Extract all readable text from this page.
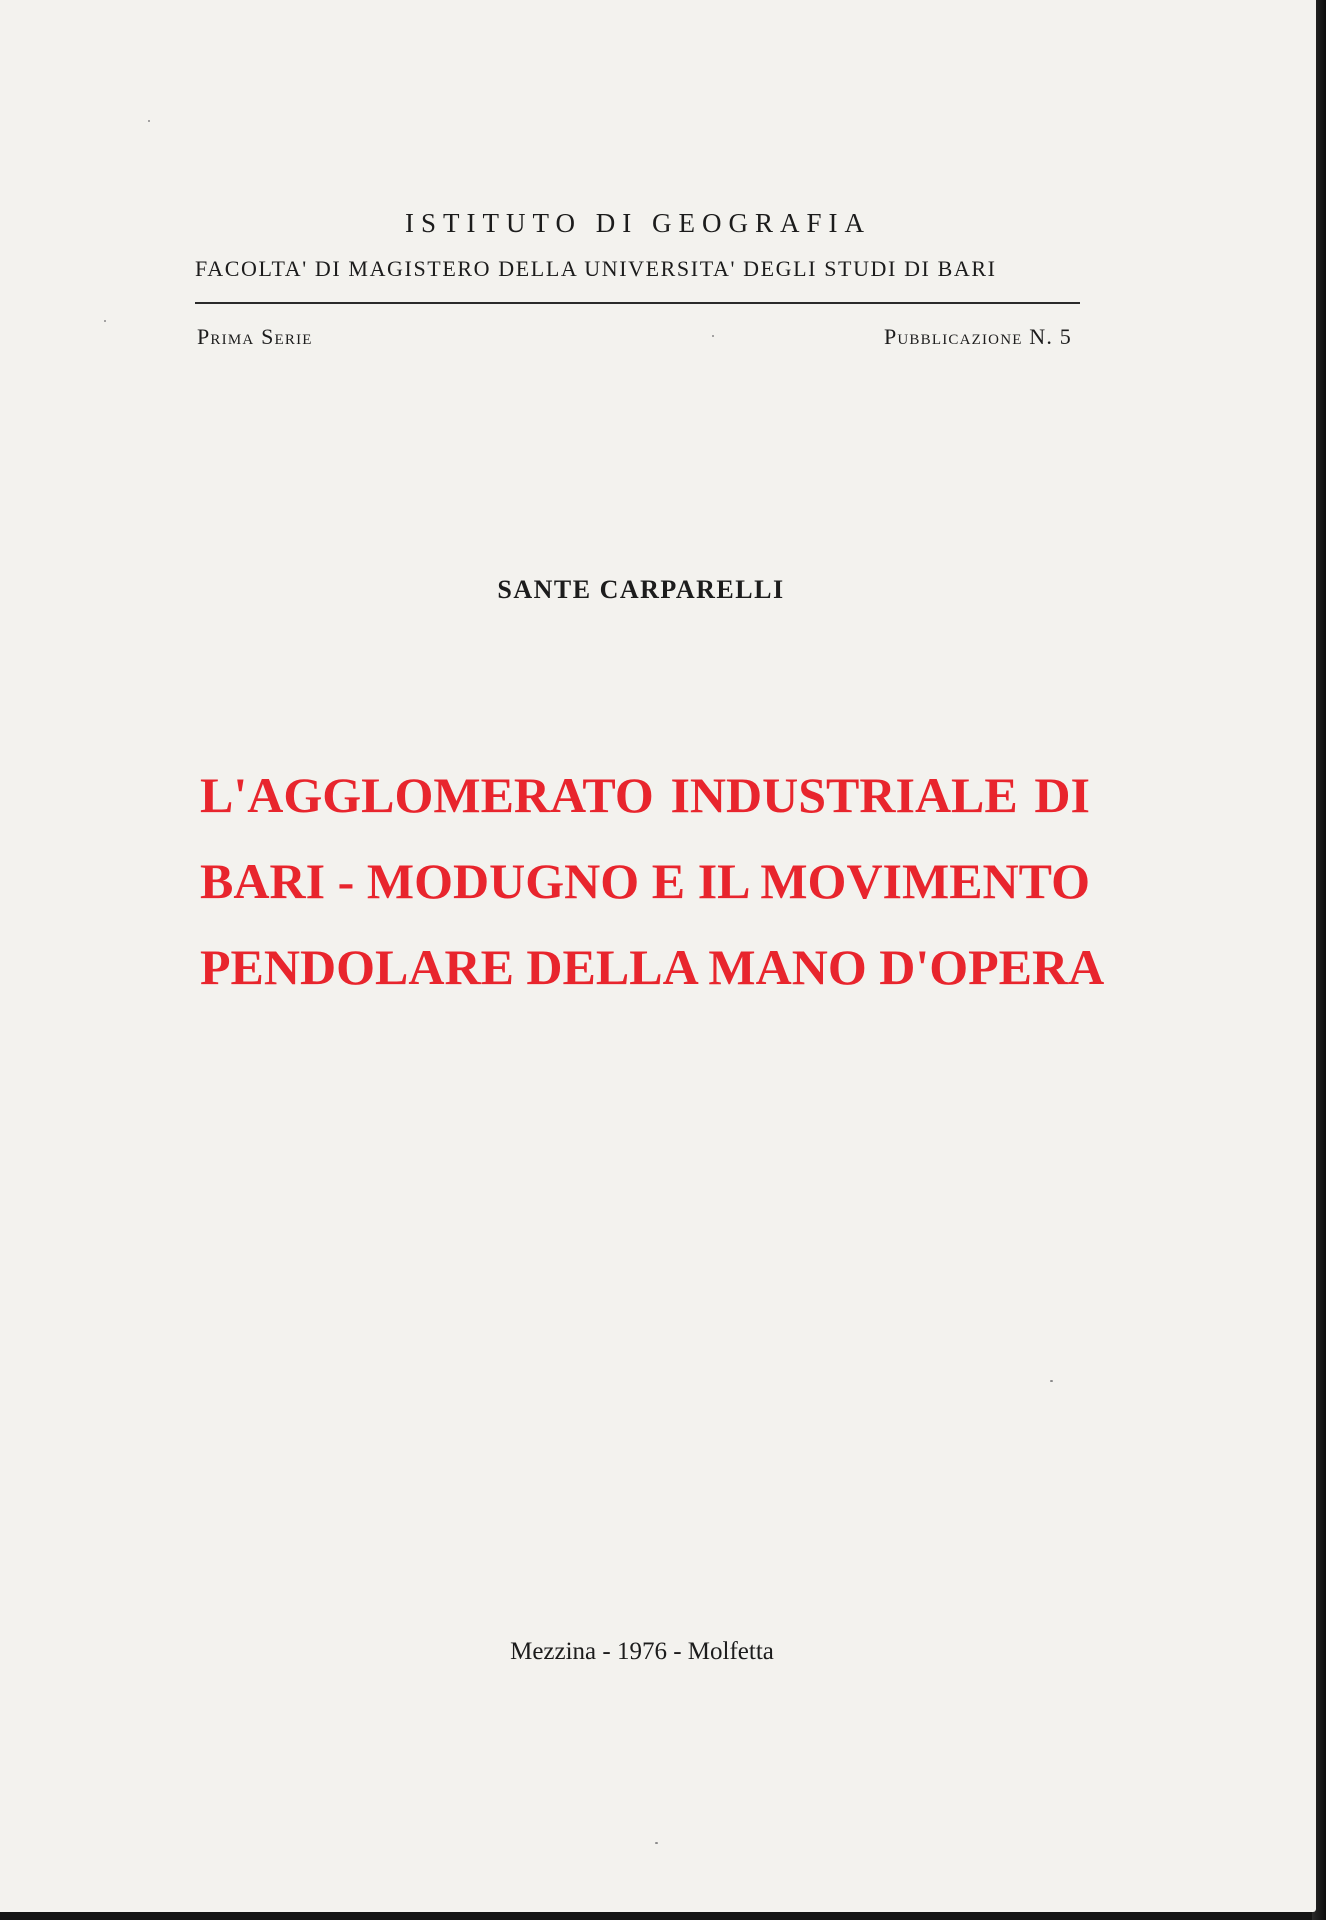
ISTITUTO DI GEOGRAFIA
FACOLTA' DI MAGISTERO DELLA UNIVERSITA' DEGLI STUDI DI BARI
Prima Serie	Pubblicazione N. 5
SANTE CARPARELLI
L'AGGLOMERATO INDUSTRIALE DI
BARI - MODUGNO E IL MOVIMENTO
PENDOLARE DELLA MANO D'OPERA
Mezzina - 1976 - Molfetta
